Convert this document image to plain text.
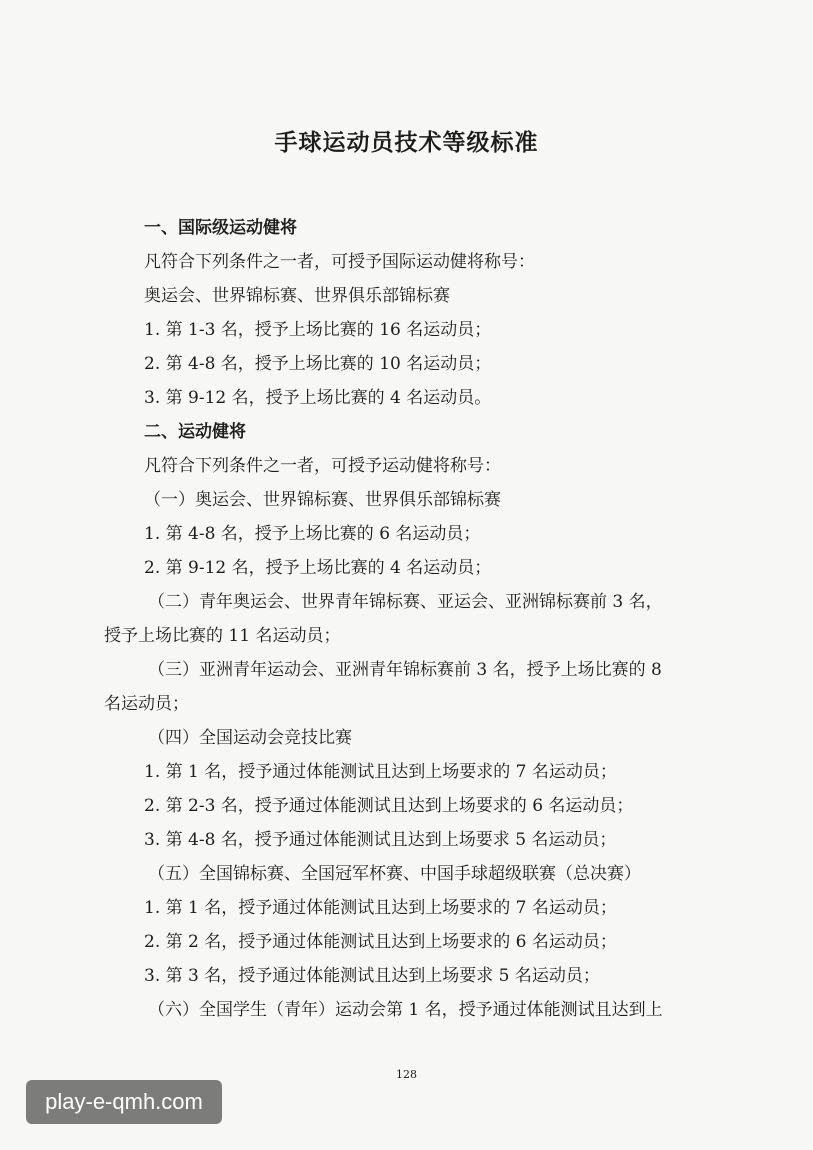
手球运动员技术等级标准
一、国际级运动健将
凡符合下列条件之一者，可授予国际运动健将称号：
奥运会、世界锦标赛、世界俱乐部锦标赛
1. 第 1-3 名，授予上场比赛的 16 名运动员；
2. 第 4-8 名，授予上场比赛的 10 名运动员；
3. 第 9-12 名，授予上场比赛的 4 名运动员。
二、运动健将
凡符合下列条件之一者，可授予运动健将称号：
（一）奥运会、世界锦标赛、世界俱乐部锦标赛
1. 第 4-8 名，授予上场比赛的 6 名运动员；
2. 第 9-12 名，授予上场比赛的 4 名运动员；
（二）青年奥运会、世界青年锦标赛、亚运会、亚洲锦标赛前 3 名，
授予上场比赛的 11 名运动员；
（三）亚洲青年运动会、亚洲青年锦标赛前 3 名，授予上场比赛的 8
名运动员；
（四）全国运动会竞技比赛
1. 第 1 名，授予通过体能测试且达到上场要求的 7 名运动员；
2. 第 2-3 名，授予通过体能测试且达到上场要求的 6 名运动员；
3. 第 4-8 名，授予通过体能测试且达到上场要求 5 名运动员；
（五）全国锦标赛、全国冠军杯赛、中国手球超级联赛（总决赛）
1. 第 1 名，授予通过体能测试且达到上场要求的 7 名运动员；
2. 第 2 名，授予通过体能测试且达到上场要求的 6 名运动员；
3. 第 3 名，授予通过体能测试且达到上场要求 5 名运动员；
（六）全国学生（青年）运动会第 1 名，授予通过体能测试且达到上
128
play-e-qmh.com
